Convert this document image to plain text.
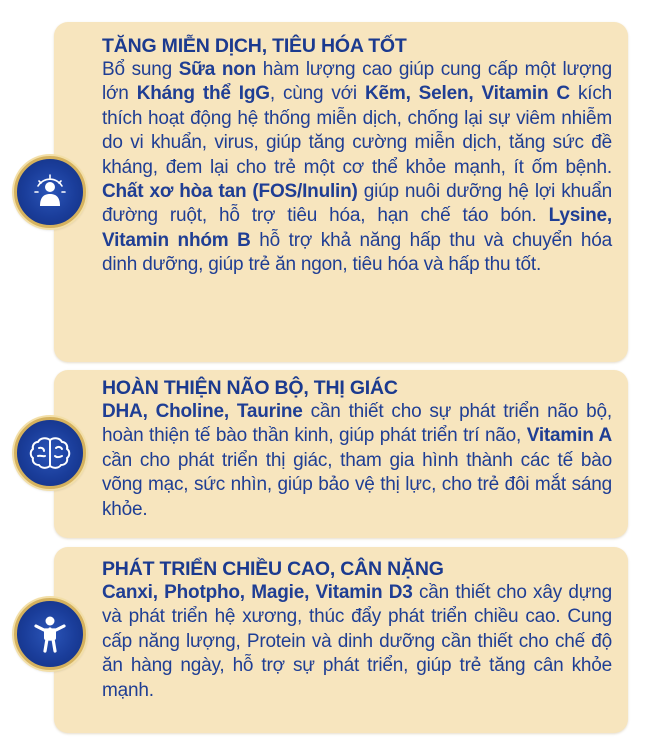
TĂNG MIỄN DỊCH, TIÊU HÓA TỐT

Bổ sung Sữa non hàm lượng cao giúp cung cấp một lượng lớn Kháng thể IgG, cùng với Kẽm, Selen, Vitamin C kích thích hoạt động hệ thống miễn dịch, chống lại sự viêm nhiễm do vi khuẩn, virus, giúp tăng cường miễn dịch, tăng sức đề kháng, đem lại cho trẻ một cơ thể khỏe mạnh, ít ốm bệnh. Chất xơ hòa tan (FOS/Inulin) giúp nuôi dưỡng hệ lợi khuẩn đường ruột, hỗ trợ tiêu hóa, hạn chế táo bón. Lysine, Vitamin nhóm B hỗ trợ khả năng hấp thu và chuyển hóa dinh dưỡng, giúp trẻ ăn ngon, tiêu hóa và hấp thu tốt.

HOÀN THIỆN NÃO BỘ, THỊ GIÁC

DHA, Choline, Taurine cần thiết cho sự phát triển não bộ, hoàn thiện tế bào thần kinh, giúp phát triển trí não, Vitamin A cần cho phát triển thị giác, tham gia hình thành các tế bào võng mạc, sức nhìn, giúp bảo vệ thị lực, cho trẻ đôi mắt sáng khỏe.

PHÁT TRIỂN CHIỀU CAO, CÂN NẶNG

Canxi, Photpho, Magie, Vitamin D3 cần thiết cho xây dựng và phát triển hệ xương, thúc đẩy phát triển chiều cao. Cung cấp năng lượng, Protein và dinh dưỡng cần thiết cho chế độ ăn hàng ngày, hỗ trợ sự phát triển, giúp trẻ tăng cân khỏe mạnh.
